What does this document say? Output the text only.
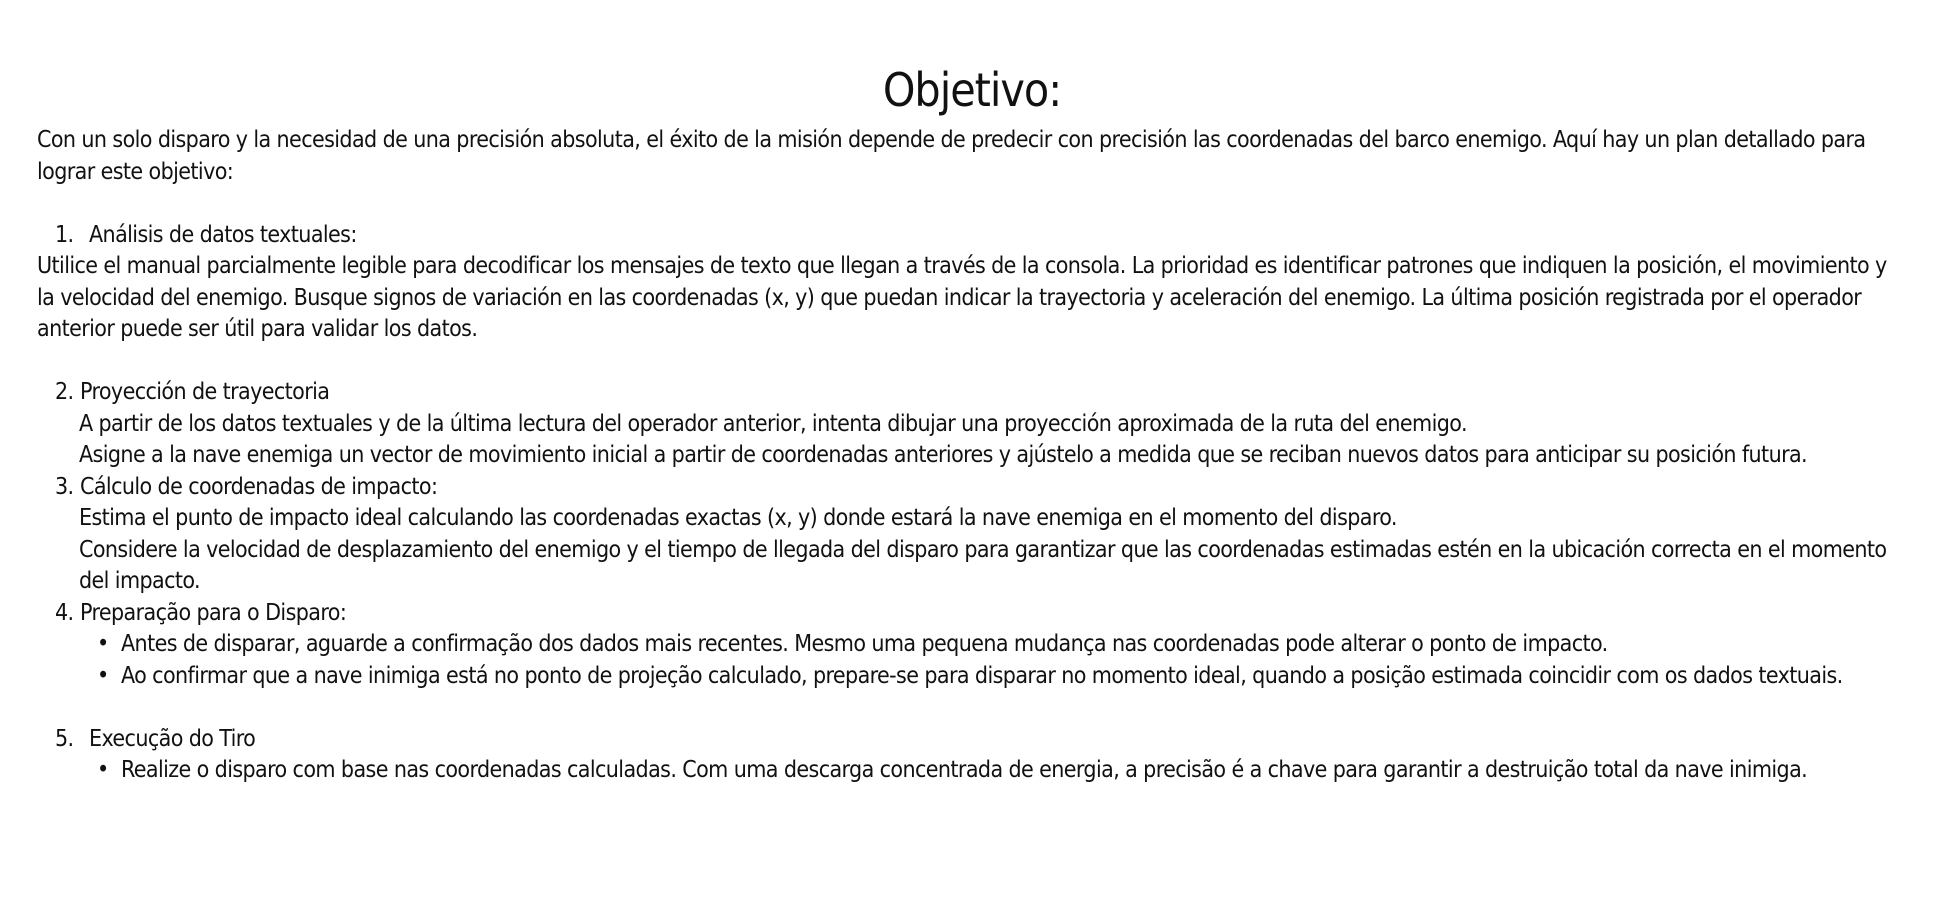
Objetivo:

Con un solo disparo y la necesidad de una precisión absoluta, el éxito de la misión depende de predecir con precisión las coordenadas del barco enemigo. Aquí hay un plan detallado para lograr este objetivo:

1. Análisis de datos textuales:

Utilice el manual parcialmente legible para decodificar los mensajes de texto que llegan a través de la consola. La prioridad es identificar patrones que indiquen la posición, el movimiento y la velocidad del enemigo. Busque signos de variación en las coordenadas (x, y) que puedan indicar la trayectoria y aceleración del enemigo. La última posición registrada por el operador anterior puede ser útil para validar los datos.

2. Proyección de trayectoria

A partir de los datos textuales y de la última lectura del operador anterior, intenta dibujar una proyección aproximada de la ruta del enemigo.

Asigne a la nave enemiga un vector de movimiento inicial a partir de coordenadas anteriores y ajústelo a medida que se reciban nuevos datos para anticipar su posición futura.

3. Cálculo de coordenadas de impacto:

Estima el punto de impacto ideal calculando las coordenadas exactas (x, y) donde estará la nave enemiga en el momento del disparo.

Considere la velocidad de desplazamiento del enemigo y el tiempo de llegada del disparo para garantizar que las coordenadas estimadas estén en la ubicación correcta en el momento del impacto.

4. Preparação para o Disparo:
• Antes de disparar, aguarde a confirmação dos dados mais recentes. Mesmo uma pequena mudança nas coordenadas pode alterar o ponto de impacto.
• Ao confirmar que a nave inimiga está no ponto de projeção calculado, prepare-se para disparar no momento ideal, quando a posição estimada coincidir com os dados textuais.
5. Execução do Tiro
• Realize o disparo com base nas coordenadas calculadas. Com uma descarga concentrada de energia, a precisão é a chave para garantir a destruição total da nave inimiga.
